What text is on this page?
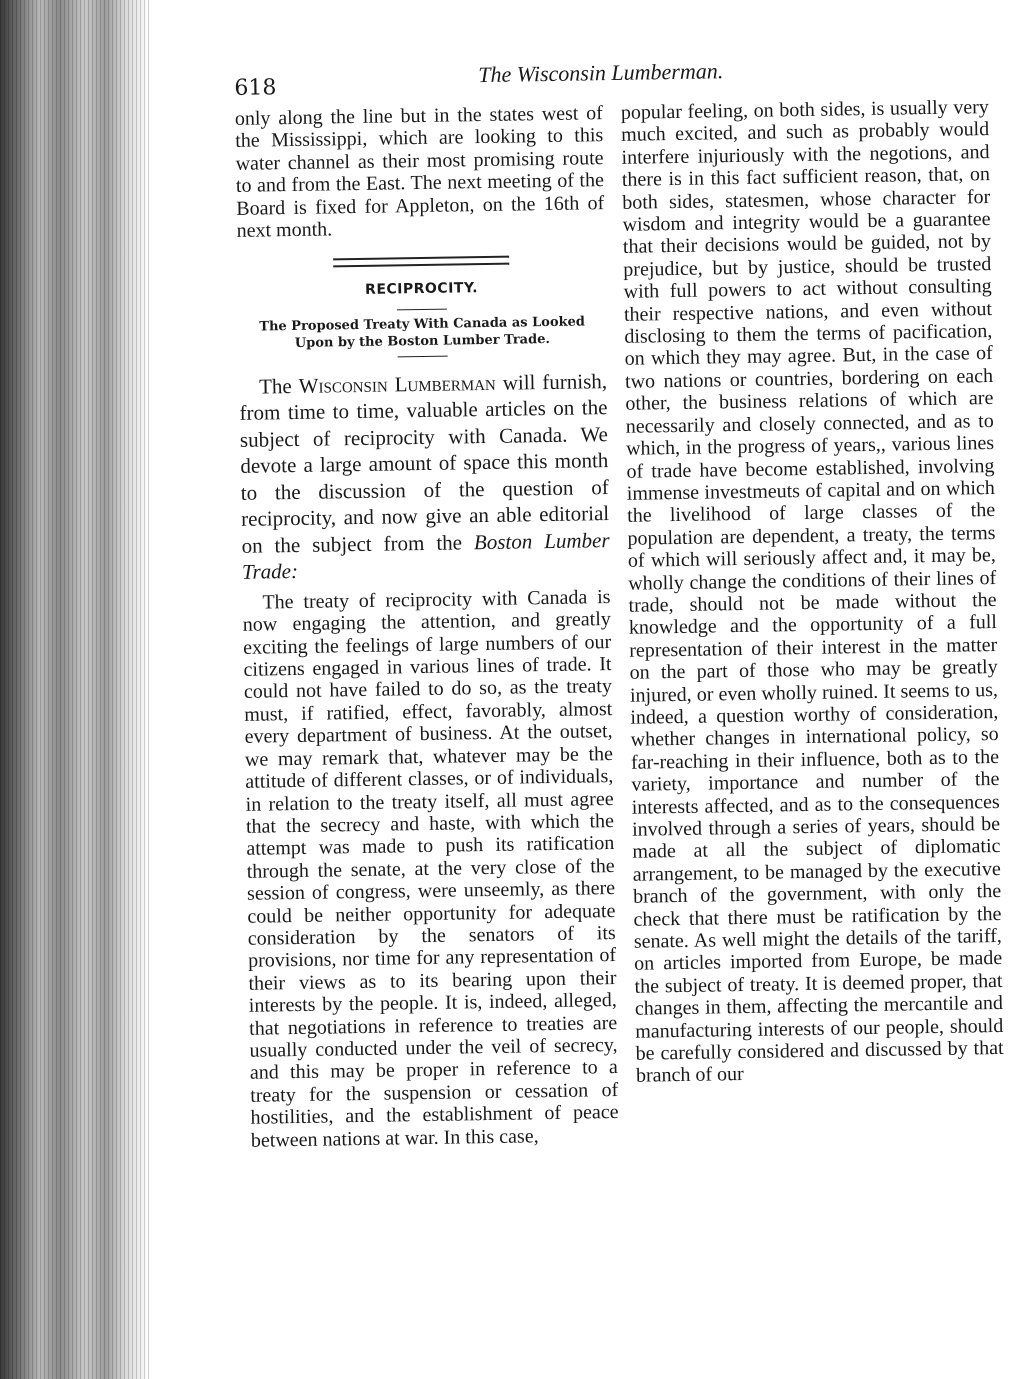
618
The Wisconsin Lumberman.

only along the line but in the states west of the Mississippi, which are looking to this water channel as their most promising route to and from the East. The next meeting of the Board is fixed for Appleton, on the 16th of next month.

RECIPROCITY.
The Proposed Treaty With Canada as Looked
Upon by the Boston Lumber Trade.

The Wisconsin Lumberman will furnish, from time to time, valuable articles on the subject of reciprocity with Canada. We devote a large amount of space this month to the discussion of the question of reciprocity, and now give an able editorial on the subject from the Boston Lumber Trade:

The treaty of reciprocity with Canada is now engaging the attention, and greatly exciting the feelings of large numbers of our citizens engaged in various lines of trade. It could not have failed to do so, as the treaty must, if ratified, effect, favorably, almost every department of business. At the outset, we may remark that, whatever may be the attitude of different classes, or of individuals, in relation to the treaty itself, all must agree that the secrecy and haste, with which the attempt was made to push its ratification through the senate, at the very close of the session of congress, were unseemly, as there could be neither opportunity for adequate consideration by the senators of its provisions, nor time for any representation of their views as to its bearing upon their interests by the people. It is, indeed, alleged, that negotiations in reference to treaties are usually conducted under the veil of secrecy, and this may be proper in reference to a treaty for the suspension or cessation of hostilities, and the establishment of peace between nations at war. In this case,

popular feeling, on both sides, is usually very much excited, and such as probably would interfere injuriously with the negotions, and there is in this fact sufficient reason, that, on both sides, statesmen, whose character for wisdom and integrity would be a guarantee that their decisions would be guided, not by prejudice, but by justice, should be trusted with full powers to act without consulting their respective nations, and even without disclosing to them the terms of pacification, on which they may agree. But, in the case of two nations or countries, bordering on each other, the business relations of which are necessarily and closely connected, and as to which, in the progress of years,, various lines of trade have become established, involving immense investmeuts of capital and on which the livelihood of large classes of the population are dependent, a treaty, the terms of which will seriously affect and, it may be, wholly change the conditions of their lines of trade, should not be made without the knowledge and the opportunity of a full representation of their interest in the matter on the part of those who may be greatly injured, or even wholly ruined. It seems to us, indeed, a question worthy of consideration, whether changes in international policy, so far-reaching in their influence, both as to the variety, importance and number of the interests affected, and as to the consequences involved through a series of years, should be made at all the subject of diplomatic arrangement, to be managed by the executive branch of the government, with only the check that there must be ratification by the senate. As well might the details of the tariff, on articles imported from Europe, be made the subject of treaty. It is deemed proper, that changes in them, affecting the mercantile and manufacturing interests of our people, should be carefully considered and discussed by that branch of our
